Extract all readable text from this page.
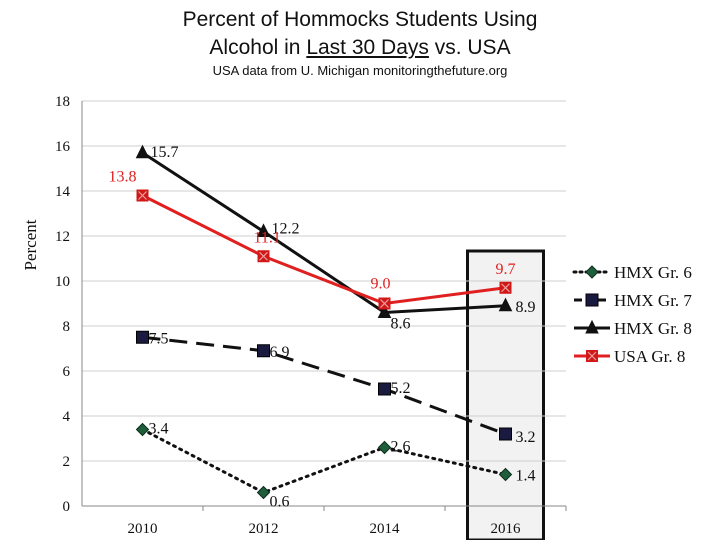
Percent of Hommocks Students Using
Alcohol in Last 30 Days vs. USA
USA data from U. Michigan monitoringthefuture.org
0
2
4
6
8
10
12
14
16
18
2010	2012	2014	2016
3.4
0.6
2.6
1.4
7.5
6.9
5.2
3.2
15.7
12.2
8.6
8.9
13.8
11.1
9.0
9.7
Percent
HMX Gr. 6
HMX Gr. 7
HMX Gr. 8
USA Gr. 8
